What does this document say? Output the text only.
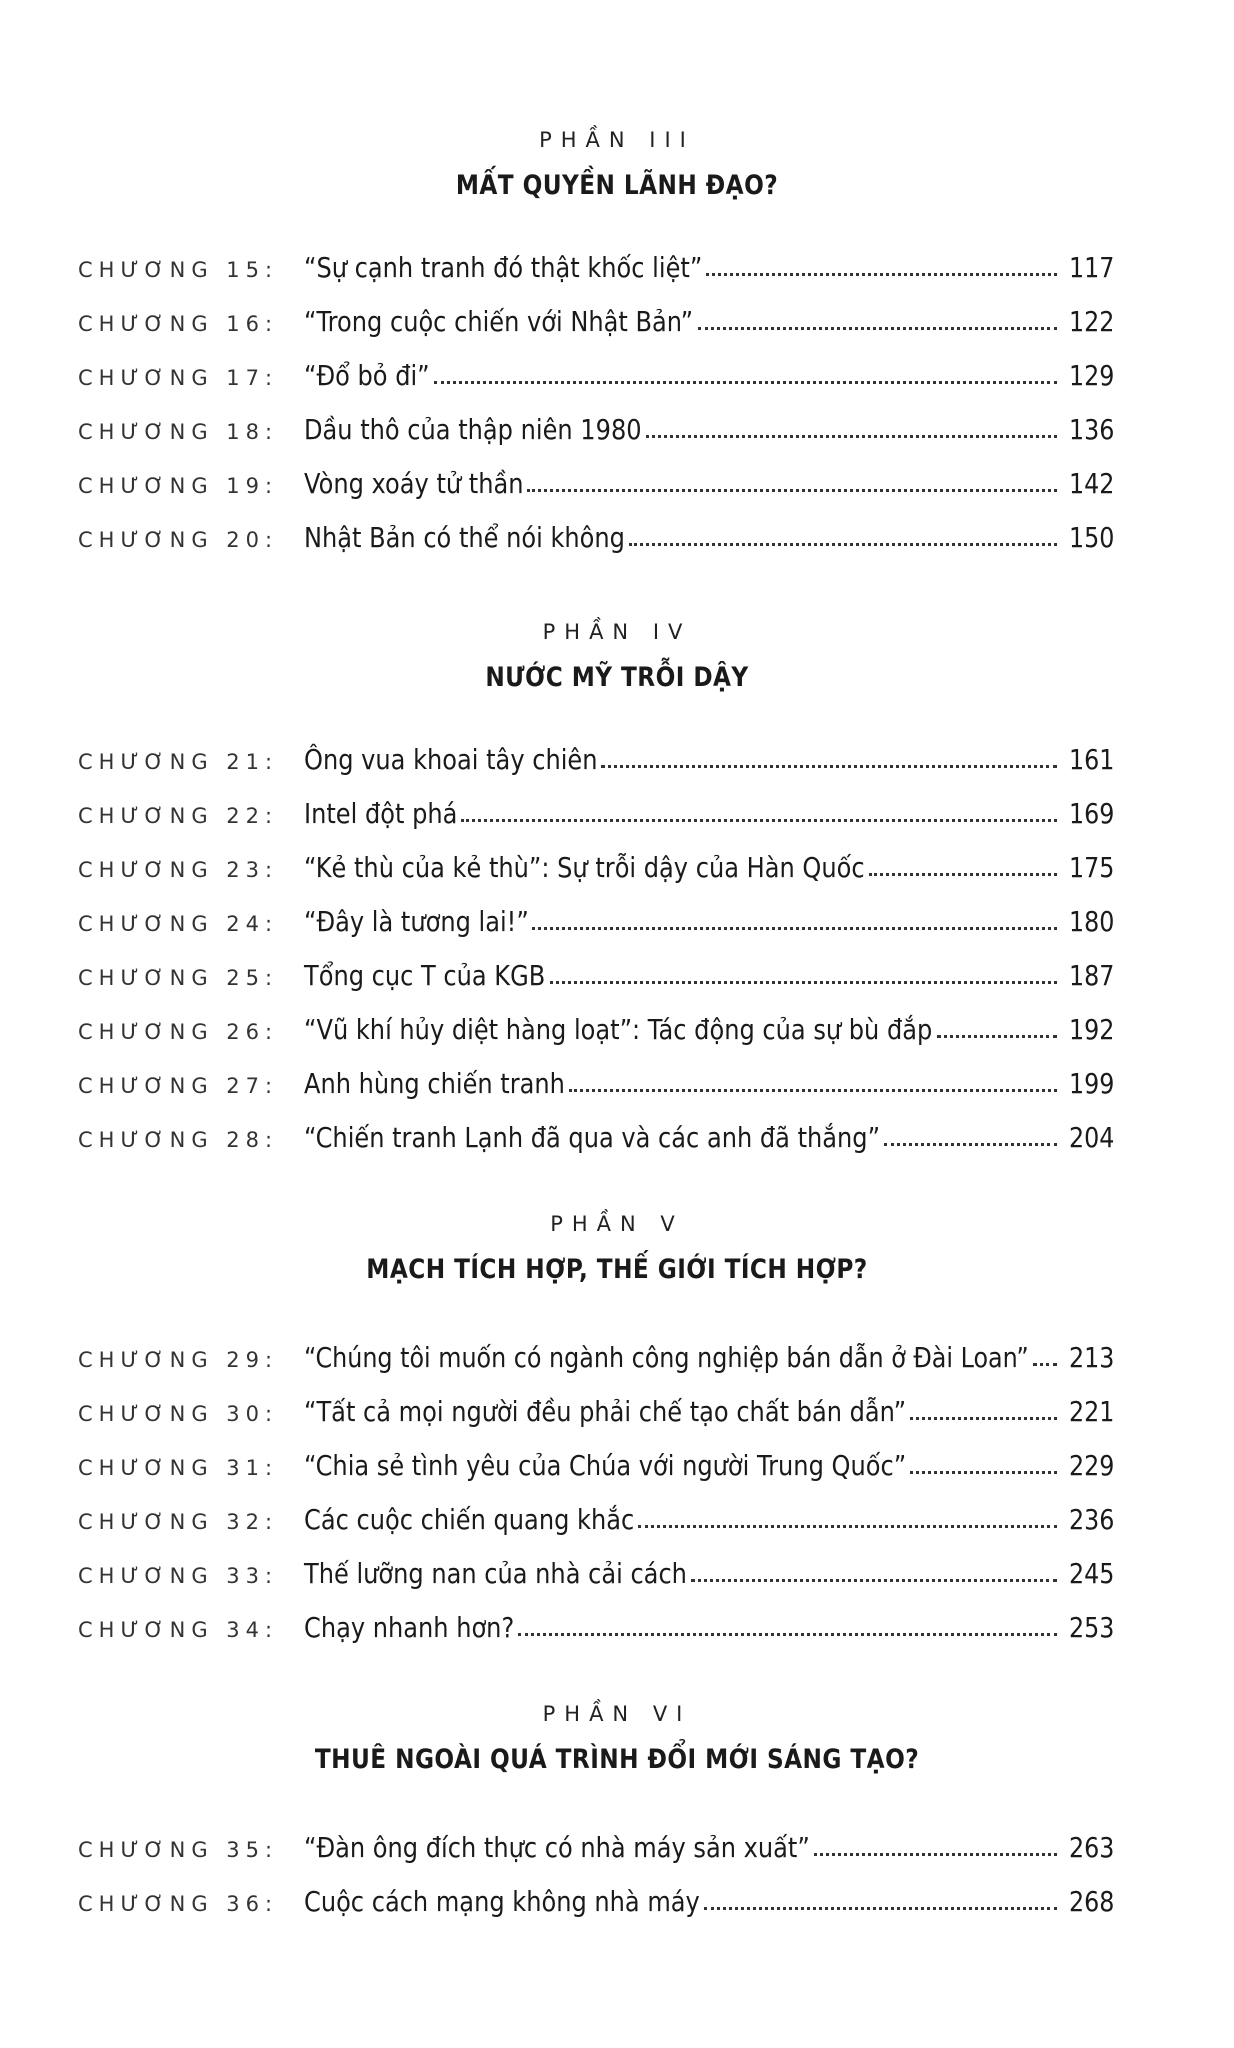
PHẦN III
MẤT QUYỀN LÃNH ĐẠO?
CHƯƠNG 15: “Sự cạnh tranh đó thật khốc liệt”	117
CHƯƠNG 16: “Trong cuộc chiến với Nhật Bản”	122
CHƯƠNG 17: “Đổ bỏ đi”	129
CHƯƠNG 18: Dầu thô của thập niên 1980	136
CHƯƠNG 19: Vòng xoáy tử thần	142
CHƯƠNG 20: Nhật Bản có thể nói không	150
PHẦN IV
NƯỚC MỸ TRỖI DẬY
CHƯƠNG 21: Ông vua khoai tây chiên	161
CHƯƠNG 22: Intel đột phá	169
CHƯƠNG 23: “Kẻ thù của kẻ thù”: Sự trỗi dậy của Hàn Quốc	175
CHƯƠNG 24: “Đây là tương lai!”	180
CHƯƠNG 25: Tổng cục T của KGB	187
CHƯƠNG 26: “Vũ khí hủy diệt hàng loạt”: Tác động của sự bù đắp	192
CHƯƠNG 27: Anh hùng chiến tranh	199
CHƯƠNG 28: “Chiến tranh Lạnh đã qua và các anh đã thắng”	204
PHẦN V
MẠCH TÍCH HỢP, THẾ GIỚI TÍCH HỢP?
CHƯƠNG 29: “Chúng tôi muốn có ngành công nghiệp bán dẫn ở Đài Loan” 213
CHƯƠNG 30: “Tất cả mọi người đều phải chế tạo chất bán dẫn”	221
CHƯƠNG 31: “Chia sẻ tình yêu của Chúa với người Trung Quốc”	229
CHƯƠNG 32: Các cuộc chiến quang khắc	236
CHƯƠNG 33: Thế lưỡng nan của nhà cải cách	245
CHƯƠNG 34: Chạy nhanh hơn?	253
PHẦN VI
THUÊ NGOÀI QUÁ TRÌNH ĐỔI MỚI SÁNG TẠO?
CHƯƠNG 35: “Đàn ông đích thực có nhà máy sản xuất”	263
CHƯƠNG 36: Cuộc cách mạng không nhà máy	268
